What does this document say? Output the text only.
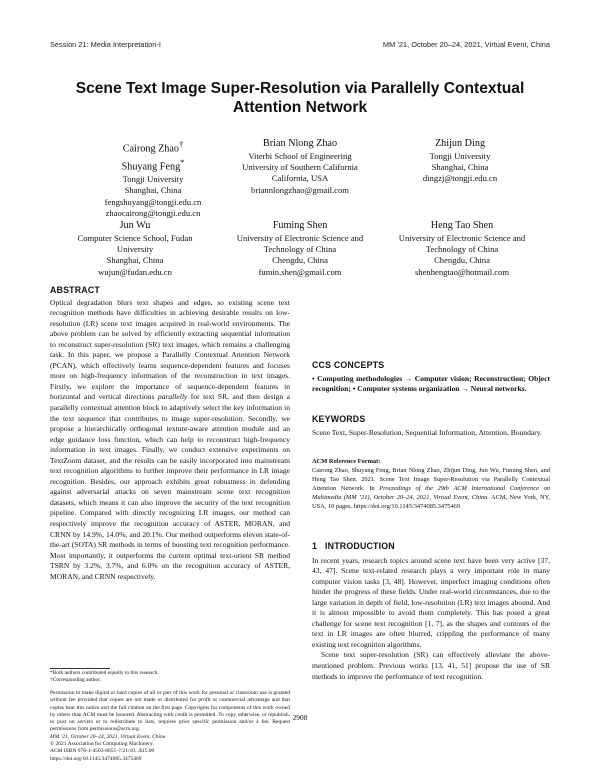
Session 21: Media Interpretation-I	MM ’21, October 20–24, 2021, Virtual Event, China
Scene Text Image Super-Resolution via Parallelly Contextual Attention Network
Cairong Zhao†
Shuyang Feng*
Tongji University
Shanghai, China
fengshuyang@tongji.edu.cn
zhaocairong@tongji.edu.cn
Brian Nlong Zhao
Viterbi School of Engineering
University of Southern California
California, USA
briannlongzhao@gmail.com
Zhijun Ding
Tongji University
Shanghai, China
dingzj@tongji.edu.cn
Jun Wu
Computer Science School, Fudan
University
Shanghai, China
wujun@fudan.edu.cn
Fuming Shen
University of Electronic Science and
Technology of China
Chengdu, China
fumin.shen@gmail.com
Heng Tao Shen
University of Electronic Science and
Technology of China
Chengdu, China
shenhengtao@hotmail.com
ABSTRACT

Optical degradation blurs text shapes and edges, so existing scene text recognition methods have difficulties in achieving desirable results on low-resolution (LR) scene text images acquired in real-world environments. The above problem can be solved by efficiently extracting sequential information to reconstruct super-resolution (SR) text images, which remains a challenging task. In this paper, we propose a Parallelly Contextual Attention Network (PCAN), which effectively learns sequence-dependent features and focuses more on high-frequency information of the reconstruction in text images. Firstly, we explore the importance of sequence-dependent features in horizontal and vertical directions parallelly for text SR, and then design a parallelly contextual attention block to adaptively select the key information in the text sequence that contributes to image super-resolution. Secondly, we propose a hierarchically orthogonal texture-aware attention module and an edge guidance loss function, which can help to reconstruct high-frequency information in text images. Finally, we conduct extensive experiments on TextZoom dataset, and the results can be easily incorporated into mainstream text recognition algorithms to further improve their performance in LR image recognition. Besides, our approach exhibits great robustness in defending against adversarial attacks on seven mainstream scene text recognition datasets, which means it can also improve the security of the text recognition pipeline. Compared with directly recognizing LR images, our method can respectively improve the recognition accuracy of ASTER, MORAN, and CRNN by 14.9%, 14.0%, and 20.1%. Our method outperforms eleven state-of-the-art (SOTA) SR methods in terms of boosting text recognition performance. Most importantly, it outperforms the current optimal text-orient SR method TSRN by 3.2%, 3.7%, and 6.0% on the recognition accuracy of ASTER, MORAN, and CRNN respectively.

*Both authors contributed equally to this research.
†Corresponding author.

Permission to make digital or hard copies of all or part of this work for personal or classroom use is granted without fee provided that copies are not made or distributed for profit or commercial advantage and that copies bear this notice and the full citation on the first page. Copyrights for components of this work owned by others than ACM must be honored. Abstracting with credit is permitted. To copy otherwise, or republish, to post on servers or to redistribute to lists, requires prior specific permission and/or a fee. Request permissions from permissions@acm.org.

MM ’21, October 20–24, 2021, Virtual Event, China
© 2021 Association for Computing Machinery.
ACM ISBN 978-1-4503-8651-7/21/10...$15.00
https://doi.org/10.1145/3474085.3475469

CCS CONCEPTS

• Computing methodologies → Computer vision; Reconstruction; Object recognition; • Computer systems organization → Neural networks.

KEYWORDS

Scene Text, Super-Resolution, Sequential Information, Attention, Boundary.

ACM Reference Format:

Cairong Zhao, Shuyang Feng, Brian Nlong Zhao, Zhijun Ding, Jun Wu, Fuming Shen, and Heng Tao Shen. 2021. Scene Text Image Super-Resolution via Parallelly Contextual Attention Network. In Proceedings of the 29th ACM International Conference on Multimedia (MM ’21), October 20–24, 2021, Virtual Event, China. ACM, New York, NY, USA, 10 pages. https://doi.org/10.1145/3474085.3475469

1   INTRODUCTION

In recent years, research topics around scene text have been very active [37, 43, 47]. Scene text-related research plays a very important role in many computer vision tasks [3, 48]. However, imperfect imaging conditions often hinder the progress of these fields. Under real-world circumstances, due to the large variation in depth of field, low-resolution (LR) text images abound. And it is almost impossible to avoid them completely. This has posed a great challenge for scene text recognition [1, 7], as the shapes and contours of the text in LR images are often blurred, crippling the performance of many existing text recognition algorithms.

Scene text super-resolution (SR) can effectively alleviate the above-mentioned problem. Previous works [13, 41, 51] propose the use of SR methods to improve the performance of text recognition.

2908
